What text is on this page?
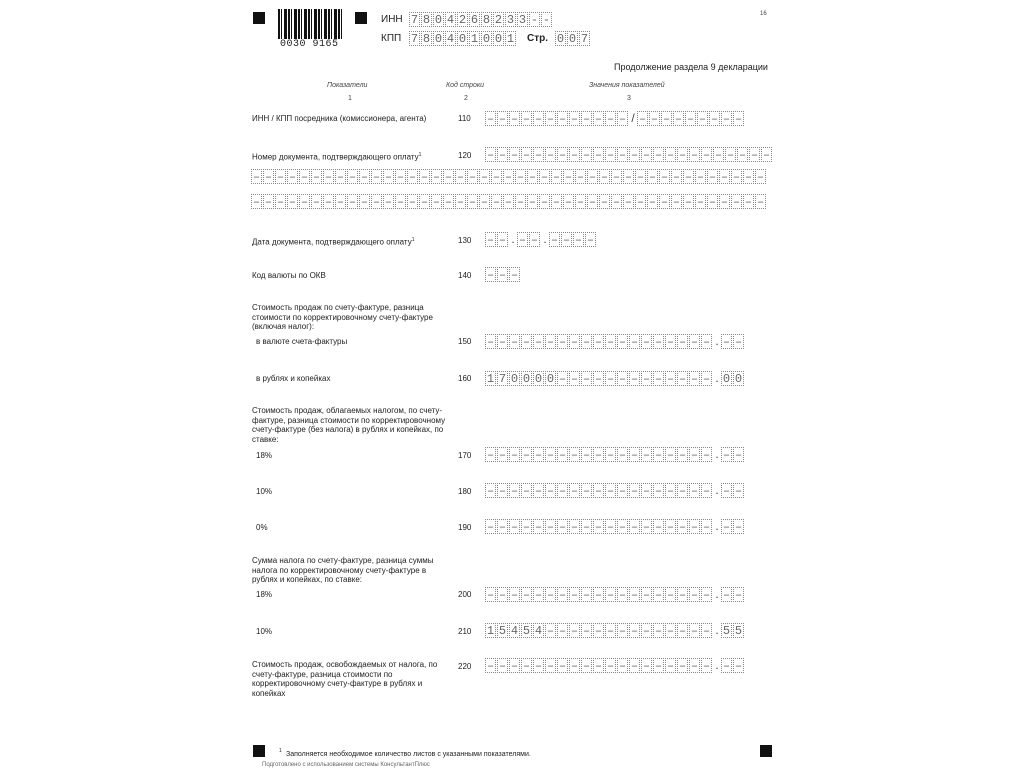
0030 9165
ИНН 7 8 0 4 2 6 8 2 3 3 - -
КПП 7 8 0 4 0 1 0 0 1 Стр. 0 0 7
16
Продолжение раздела 9 декларации
Показатели	Код строки	Значения показателей
1	2	3
ИНН / КПП посредника (комиссионера, агента)	110 – – – – – – – – – – – – / – – – – – – – – –
Номер документа, подтверждающего оплату$^1$	120 – – – – – – – – – – – – – – – – – – – – – – – –
– – – – – – – – – – – – – – – – – – – – – – – – – – – – – – – – – – – – – – – – – – –
– – – – – – – – – – – – – – – – – – – – – – – – – – – – – – – – – – – – – – – – – – –
Дата документа, подтверждающего оплату$^1$	130 – – . – – . – – – –
Код валюты по ОКВ	140 – – –
Стоимость продаж по счету-фактуре, разница стоимости по корректировочному счету-фактуре (включая налог):
в валюте счета-фактуры	150 – – – – – – – – – – – – – – – – – – – . – –
в рублях и копейках	160 1 7 0 0 0 0 – – – – – – – – – – – – – . 0 0
Стоимость продаж, облагаемых налогом, по счету-фактуре, разница стоимости по корректировочному счету-фактуре (без налога) в рублях и копейках, по ставке:
18%	170 – – – – – – – – – – – – – – – – – – – . – –
10%	180 – – – – – – – – – – – – – – – – – – – . – –
0%	190 – – – – – – – – – – – – – – – – – – – . – –
Сумма налога по счету-фактуре, разница суммы налога по корректировочному счету-фактуре в рублях и копейках, по ставке:
18%	200 – – – – – – – – – – – – – – – – – – – . – –
10%	210 1 5 4 5 4 – – – – – – – – – – – – – – . 5 5
Стоимость продаж, освобождаемых от налога, по счету-фактуре, разница стоимости по корректировочному счету-фактуре в рублях и копейках
220 – – – – – – – – – – – – – – – – – – – . – –
1 Заполняется необходимое количество листов с указанными показателями.
Подготовлено с использованием системы КонсультантПлюс
